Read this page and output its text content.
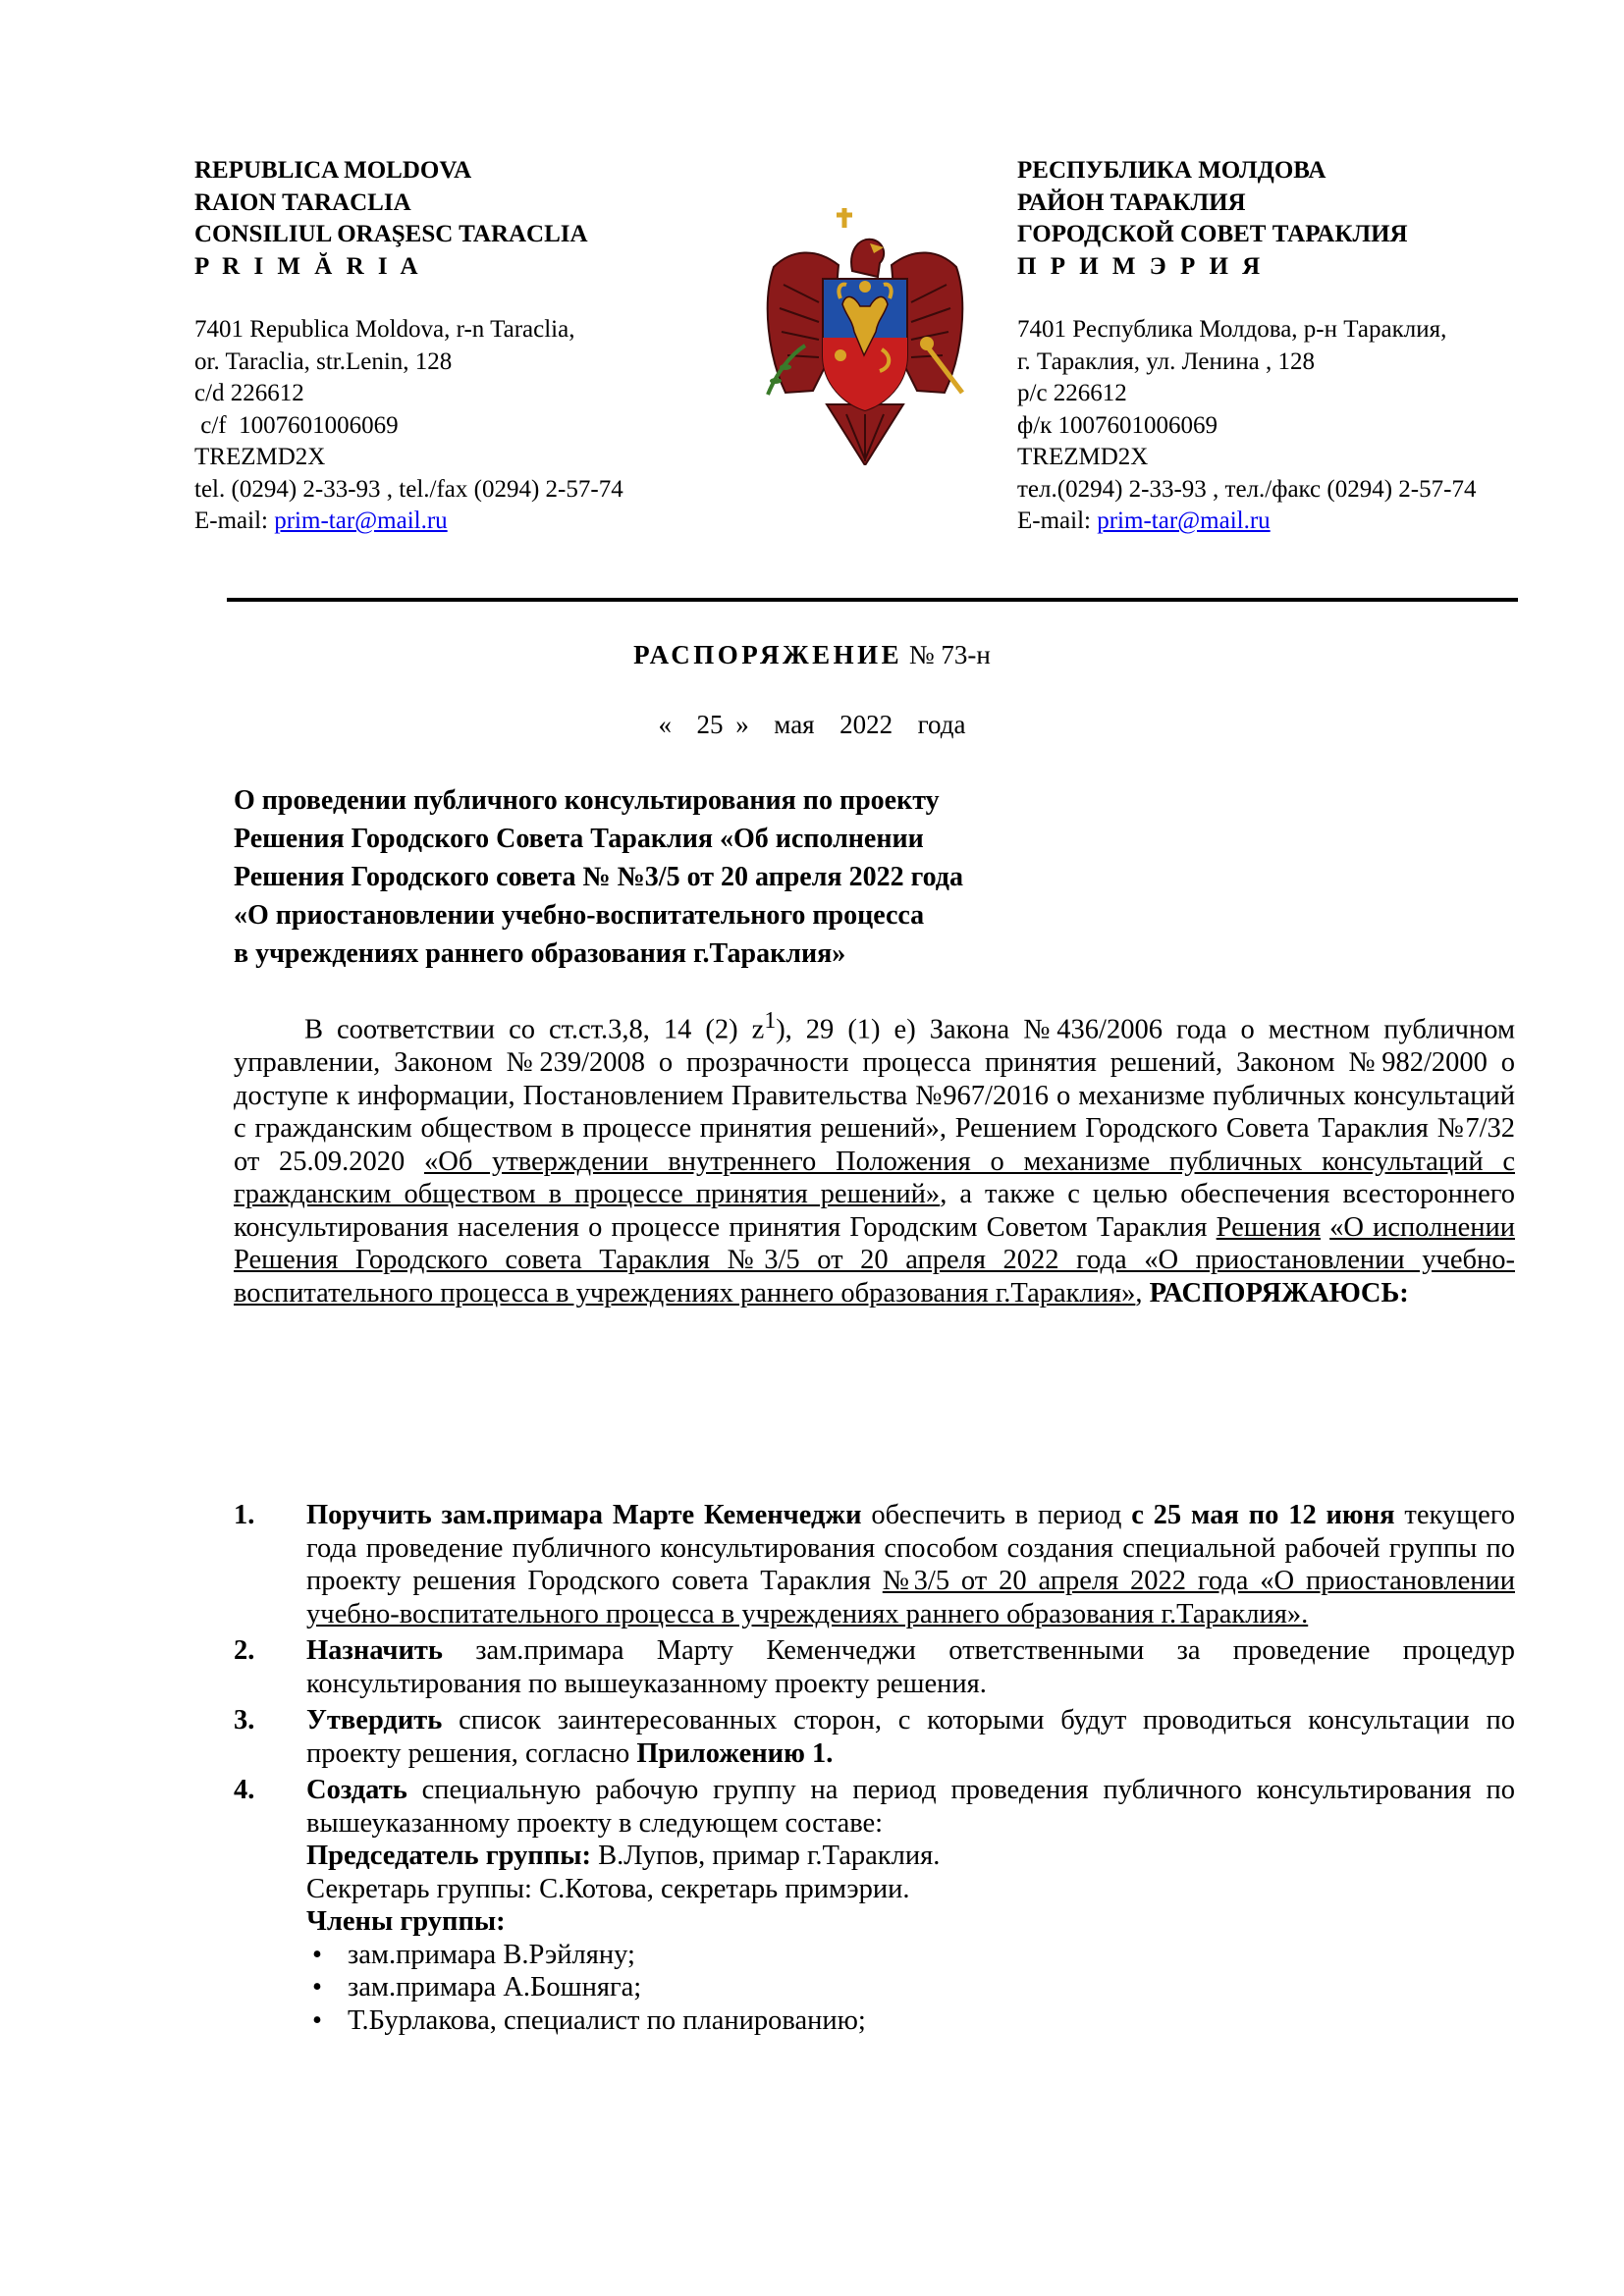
REPUBLICA MOLDOVA
RAION TARACLIA
CONSILIUL ORAŞESC TARACLIA
P R I M Ă R I A
7401 Republica Moldova, r-n Taraclia,
or. Taraclia, str.Lenin, 128
c/d 226612
c/f  1007601006069
TREZMD2X
tel. (0294) 2-33-93 , tel./fax (0294) 2-57-74
E-mail: prim-tar@mail.ru
РЕСПУБЛИКА МОЛДОВА
РАЙОН ТАРАКЛИЯ
ГОРОДСКОЙ СОВЕТ ТАРАКЛИЯ
П Р И М Э Р И Я
7401 Республика Молдова, р-н Тараклия,
г. Тараклия, ул. Ленина , 128
р/с 226612
ф/к 1007601006069
TREZMD2X
тел.(0294) 2-33-93 , тел./факс (0294) 2-57-74
E-mail: prim-tar@mail.ru
РАСПОРЯЖЕНИЕ № 73-н
«  25 »  мая  2022  года
О проведении публичного консультирования по проекту
Решения Городского Совета Тараклия «Об исполнении
Решения Городского совета № №3/5 от 20 апреля 2022 года
«О приостановлении учебно-воспитательного процесса
в учреждениях раннего образования г.Тараклия»
В соответствии со ст.ст.3,8, 14 (2) $z^1$), 29 (1) е) Закона №436/2006 года о местном публичном управлении, Законом №239/2008 о прозрачности процесса принятия решений, Законом №982/2000 о доступе к информации, Постановлением Правительства №967/2016 о механизме публичных консультаций с гражданским обществом в процессе принятия решений», Решением Городского Совета Тараклия №7/32 от 25.09.2020 «Об утверждении внутреннего Положения о механизме публичных консультаций с гражданским обществом в процессе принятия решений», а также с целью обеспечения всестороннего консультирования населения о процессе принятия Городским Советом Тараклия Решения «О исполнении Решения Городского совета Тараклия №3/5 от 20 апреля 2022 года «О приостановлении учебно-воспитательного процесса в учреждениях раннего образования г.Тараклия», РАСПОРЯЖАЮСЬ:
1. Поручить зам.примара Марте Кеменчеджи обеспечить в период с 25 мая по 12 июня текущего года проведение публичного консультирования способом создания специальной рабочей группы по проекту решения Городского совета Тараклия №3/5 от 20 апреля 2022 года «О приостановлении учебно-воспитательного процесса в учреждениях раннего образования г.Тараклия».
2. Назначить зам.примара Марту Кеменчеджи ответственными за проведение процедур консультирования по вышеуказанному проекту решения.
3. Утвердить список заинтересованных сторон, с которыми будут проводиться консультации по проекту решения, согласно Приложению 1.
4. Создать специальную рабочую группу на период проведения публичного консультирования по вышеуказанному проекту в следующем составе:
Председатель группы: В.Лупов, примар г.Тараклия.
Секретарь группы: С.Котова, секретарь примэрии.
Члены группы:
• зам.примара В.Рэйляну;
• зам.примара А.Бошняга;
• Т.Бурлакова, специалист по планированию;
